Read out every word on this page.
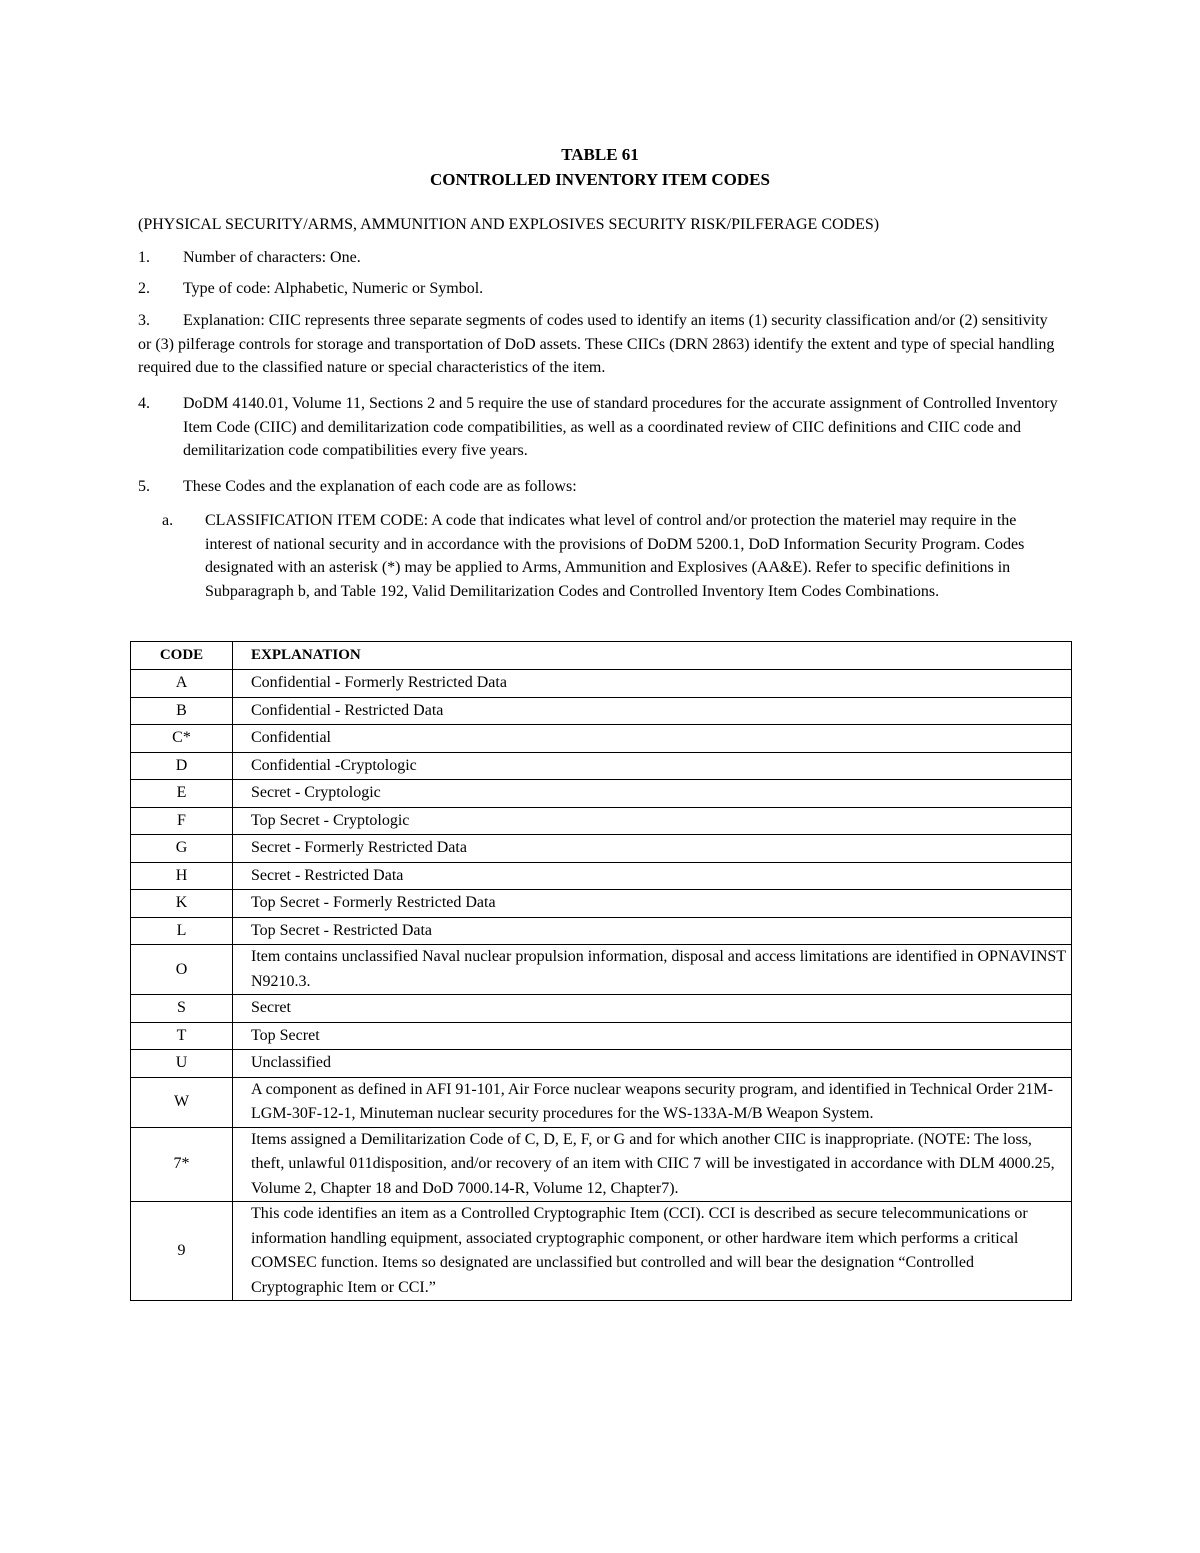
TABLE 61
CONTROLLED INVENTORY ITEM CODES
(PHYSICAL SECURITY/ARMS, AMMUNITION AND EXPLOSIVES SECURITY RISK/PILFERAGE CODES)
1.	Number of characters: One.
2.	Type of code: Alphabetic, Numeric or Symbol.
3.	Explanation: CIIC represents three separate segments of codes used to identify an items (1) security classification and/or (2) sensitivity or (3) pilferage controls for storage and transportation of DoD assets. These CIICs (DRN 2863) identify the extent and type of special handling required due to the classified nature or special characteristics of the item.
4.	DoDM 4140.01, Volume 11, Sections 2 and 5 require the use of standard procedures for the accurate assignment of Controlled Inventory Item Code (CIIC) and demilitarization code compatibilities, as well as a coordinated review of CIIC definitions and CIIC code and demilitarization code compatibilities every five years.
5.	These Codes and the explanation of each code are as follows:
a.	CLASSIFICATION ITEM CODE: A code that indicates what level of control and/or protection the materiel may require in the interest of national security and in accordance with the provisions of DoDM 5200.1, DoD Information Security Program. Codes designated with an asterisk (*) may be applied to Arms, Ammunition and Explosives (AA&E). Refer to specific definitions in Subparagraph b, and Table 192, Valid Demilitarization Codes and Controlled Inventory Item Codes Combinations.
CODE	EXPLANATION
A	Confidential - Formerly Restricted Data
B	Confidential - Restricted Data
C*	Confidential
D	Confidential -Cryptologic
E	Secret - Cryptologic
F	Top Secret - Cryptologic
G	Secret - Formerly Restricted Data
H	Secret - Restricted Data
K	Top Secret - Formerly Restricted Data
L	Top Secret - Restricted Data
O	Item contains unclassified Naval nuclear propulsion information, disposal and access limitations are identified in OPNAVINST N9210.3.
S	Secret
T	Top Secret
U	Unclassified
W	A component as defined in AFI 91-101, Air Force nuclear weapons security program, and identified in Technical Order 21M-LGM-30F-12-1, Minuteman nuclear security procedures for the WS-133A-M/B Weapon System.
7*	Items assigned a Demilitarization Code of C, D, E, F, or G and for which another CIIC is inappropriate. (NOTE: The loss, theft, unlawful 011disposition, and/or recovery of an item with CIIC 7 will be investigated in accordance with DLM 4000.25, Volume 2, Chapter 18 and DoD 7000.14-R, Volume 12, Chapter7).
9	This code identifies an item as a Controlled Cryptographic Item (CCI). CCI is described as secure telecommunications or information handling equipment, associated cryptographic component, or other hardware item which performs a critical COMSEC function. Items so designated are unclassified but controlled and will bear the designation “Controlled Cryptographic Item or CCI.”
